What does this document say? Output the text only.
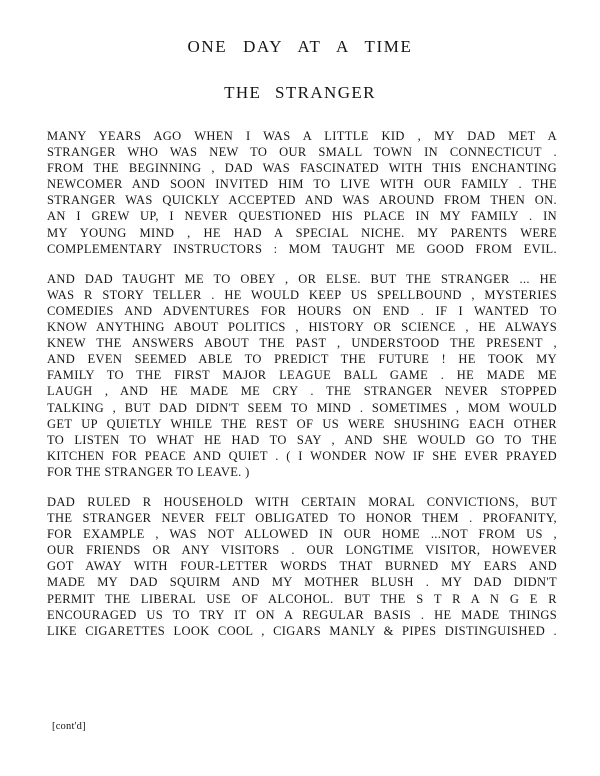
ONE DAY AT A TIME
THE STRANGER
MANY YEARS AGO WHEN I WAS A LITTLE KID , MY DAD MET A
STRANGER WHO WAS NEW TO OUR SMALL TOWN IN CONNECTICUT .
FROM THE BEGINNING , DAD WAS FASCINATED WITH THIS ENCHANTING
NEWCOMER AND SOON INVITED HIM TO LIVE WITH OUR FAMILY . THE
STRANGER WAS QUICKLY ACCEPTED AND WAS AROUND FROM THEN ON.
AN I GREW UP, I NEVER QUESTIONED HIS PLACE IN MY FAMILY . IN
MY YOUNG MIND , HE HAD A SPECIAL NICHE. MY PARENTS WERE
COMPLEMENTARY INSTRUCTORS : MOM TAUGHT ME GOOD FROM EVIL.
AND DAD TAUGHT ME TO OBEY , OR ELSE. BUT THE STRANGER ... HE
WAS R STORY TELLER . HE WOULD KEEP US SPELLBOUND , MYSTERIES
COMEDIES AND ADVENTURES FOR HOURS ON END . IF I WANTED TO
KNOW ANYTHING ABOUT POLITICS , HISTORY OR SCIENCE , HE ALWAYS
KNEW THE ANSWERS ABOUT THE PAST , UNDERSTOOD THE PRESENT ,
AND EVEN SEEMED ABLE TO PREDICT THE FUTURE ! HE TOOK MY
FAMILY TO THE FIRST MAJOR LEAGUE BALL GAME . HE MADE ME
LAUGH , AND HE MADE ME CRY . THE STRANGER NEVER STOPPED
TALKING , BUT DAD DIDN'T SEEM TO MIND . SOMETIMES , MOM WOULD
GET UP QUIETLY WHILE THE REST OF US WERE SHUSHING EACH OTHER
TO LISTEN TO WHAT HE HAD TO SAY , AND SHE WOULD GO TO THE
KITCHEN FOR PEACE AND QUIET . ( I WONDER NOW IF SHE EVER PRAYED
FOR THE STRANGER TO LEAVE. )
DAD RULED R HOUSEHOLD WITH CERTAIN MORAL CONVICTIONS, BUT
THE STRANGER NEVER FELT OBLIGATED TO HONOR THEM . PROFANITY,
FOR EXAMPLE , WAS NOT ALLOWED IN OUR HOME ...NOT FROM US ,
OUR FRIENDS OR ANY VISITORS . OUR LONGTIME VISITOR, HOWEVER
GOT AWAY WITH FOUR-LETTER WORDS THAT BURNED MY EARS AND
MADE MY DAD SQUIRM AND MY MOTHER BLUSH . MY DAD DIDN'T
PERMIT THE LIBERAL USE OF ALCOHOL. BUT THE S T R A N G E R
ENCOURAGED US TO TRY IT ON A REGULAR BASIS . HE MADE THINGS
LIKE CIGARETTES LOOK COOL , CIGARS MANLY & PIPES DISTINGUISHED .
[cont'd]
